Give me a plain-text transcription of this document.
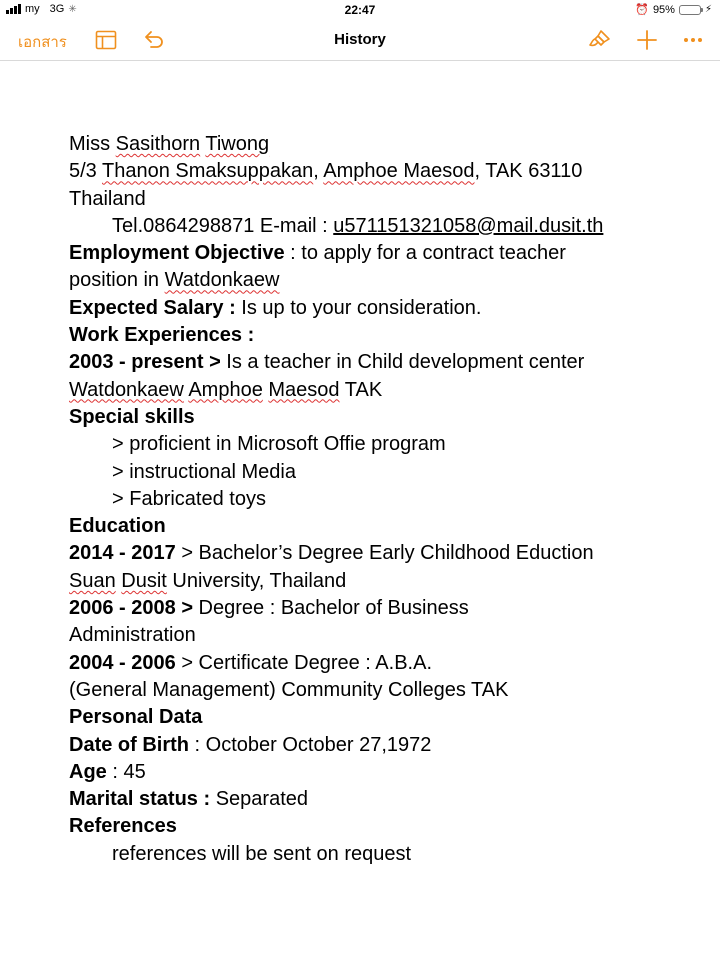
my 3G ✳	22:47	⏰ 95%	⚡
เอกสาร	History
Miss Sasithorn Tiwong
5/3 Thanon Smaksuppakan, Amphoe Maesod, TAK 63110
Thailand
Tel.0864298871 E-mail : u571151321058@mail.dusit.th
Employment Objective : to apply for a contract teacher
position in Watdonkaew
Expected Salary : Is up to your consideration.
Work Experiences :
2003 - present > Is a teacher in Child development center
Watdonkaew Amphoe Maesod TAK
Special skills
> proficient in Microsoft Offie program
> instructional Media
> Fabricated toys
Education
2014 - 2017 > Bachelor’s Degree Early Childhood Eduction
Suan Dusit University, Thailand
2006 - 2008 > Degree : Bachelor of Business
Administration
2004 - 2006 > Certificate Degree : A.B.A.
(General Management) Community Colleges TAK
Personal Data
Date of Birth : October October 27,1972
Age : 45
Marital status : Separated
References
references will be sent on request
